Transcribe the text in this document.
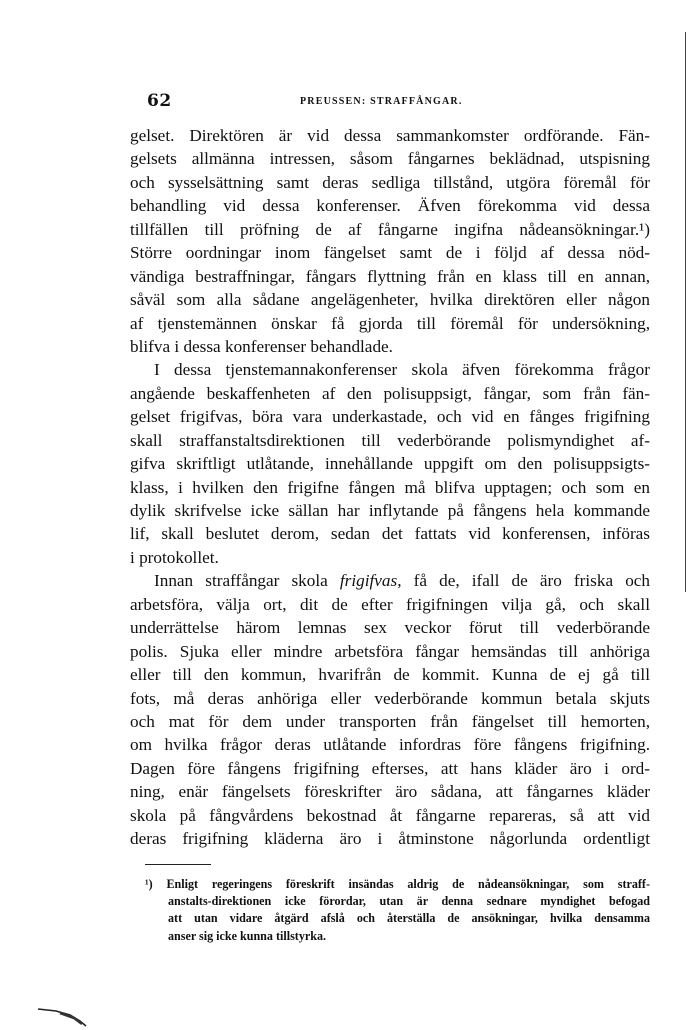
62	PREUSSEN: STRAFFÅNGAR.
gelset. Direktören är vid dessa sammankomster ordförande. Fän-
gelsets allmänna intressen, såsom fångarnes beklädnad, utspisning
och sysselsättning samt deras sedliga tillstånd, utgöra föremål för
behandling vid dessa konferenser. Äfven förekomma vid dessa
tillfällen till pröfning de af fångarne ingifna nådeansökningar.¹)
Större oordningar inom fängelset samt de i följd af dessa nöd-
vändiga bestraffningar, fångars flyttning från en klass till en annan,
såväl som alla sådane angelägenheter, hvilka direktören eller någon
af tjenstemännen önskar få gjorda till föremål för undersökning,
blifva i dessa konferenser behandlade.
I dessa tjenstemannakonferenser skola äfven förekomma frågor
angående beskaffenheten af den polisuppsigt, fångar, som från fän-
gelset frigifvas, böra vara underkastade, och vid en fånges frigifning
skall straffanstaltsdirektionen till vederbörande polismyndighet af-
gifva skriftligt utlåtande, innehållande uppgift om den polisuppsigts-
klass, i hvilken den frigifne fången må blifva upptagen; och som en
dylik skrifvelse icke sällan har inflytande på fångens hela kommande
lif, skall beslutet derom, sedan det fattats vid konferensen, införas
i protokollet.
Innan straffångar skola frigifvas, få de, ifall de äro friska och
arbetsföra, välja ort, dit de efter frigifningen vilja gå, och skall
underrättelse härom lemnas sex veckor förut till vederbörande
polis. Sjuka eller mindre arbetsföra fångar hemsändas till anhöriga
eller till den kommun, hvarifrån de kommit. Kunna de ej gå till
fots, må deras anhöriga eller vederbörande kommun betala skjuts
och mat för dem under transporten från fängelset till hemorten,
om hvilka frågor deras utlåtande infordras före fångens frigifning.
Dagen före fångens frigifning efterses, att hans kläder äro i ord-
ning, enär fängelsets föreskrifter äro sådana, att fångarnes kläder
skola på fångvårdens bekostnad åt fångarne repareras, så att vid
deras frigifning kläderna äro i åtminstone någorlunda ordentligt
¹) Enligt regeringens föreskrift insändas aldrig de nådeansökningar, som straff-
anstalts-direktionen icke förordar, utan är denna sednare myndighet befogad
att utan vidare åtgärd afslå och återställa de ansökningar, hvilka densamma
anser sig icke kunna tillstyrka.
